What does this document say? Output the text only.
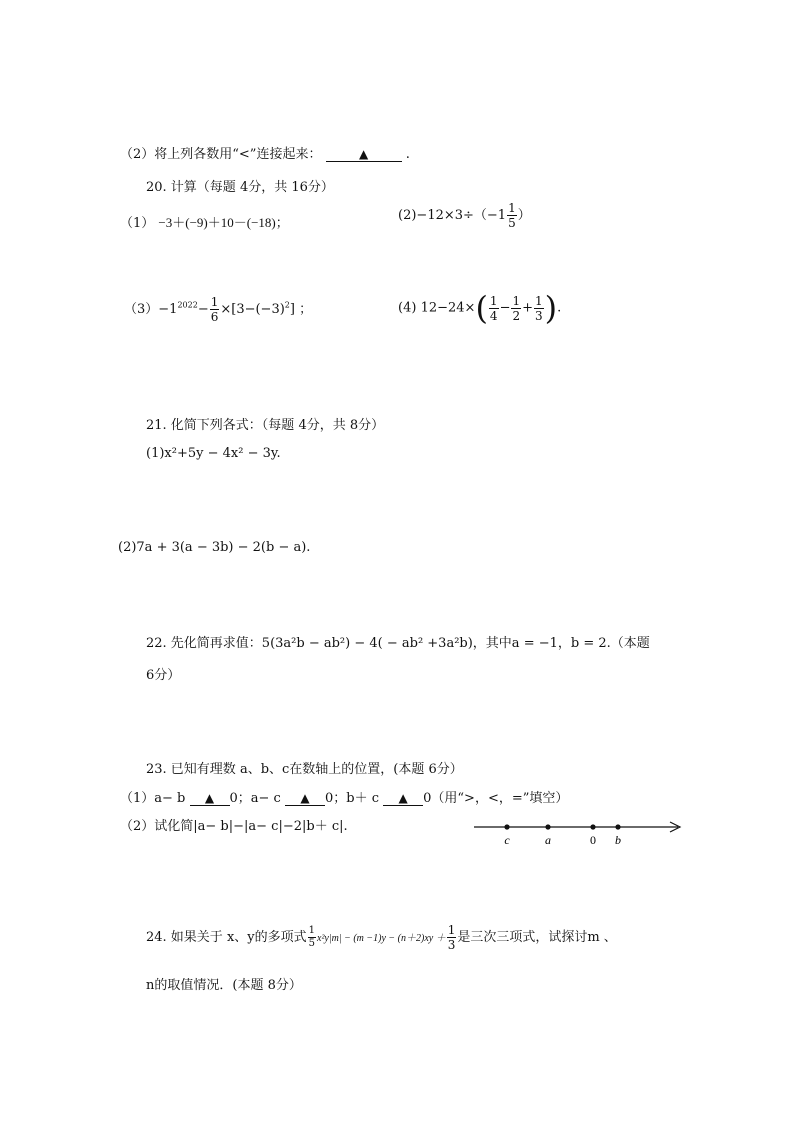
（2）将上列各数用“<”连接起来：	▲	.
20. 计算（每题 4分，共 16分）
（1） −3＋(−9)＋10－(−18)；	$(2)-12\times 3\div(-1 \frac{1}{5}$ ）
$(3)-1^{2022}- \frac{1}{6} \times[3-(-3)^2]$ ；	(4) $12-24\times( \frac{1}{4} - \frac{1}{2} + \frac{1}{3}$ ).
21. 化简下列各式：（每题 4分，共 8分）
(1)x²+5y − 4x² − 3y.
(2)7a + 3(a − 3b) − 2(b − a).
22. 先化简再求值：5(3a²b − ab²) − 4( − ab² +3a²b)，其中a = −1，b = 2.（本题
6分）
23. 已知有理数 a、b、c在数轴上的位置，(本题 6分）
（1）a− b ▲ 0；a− c ▲ 0；b＋ c ▲ 0（用“>，<，=”填空）
（2）试化简|a− b|−|a− c|−2|b＋ c|.
c	a	0 b
24. 如果关于 x、y的多项式 $\frac{1}{5} x^2y|m| - (m -1)y - (n+2)xy + \frac{1}{3}$ 是三次三项式，试探讨m 、
n的取值情况．(本题 8分）
